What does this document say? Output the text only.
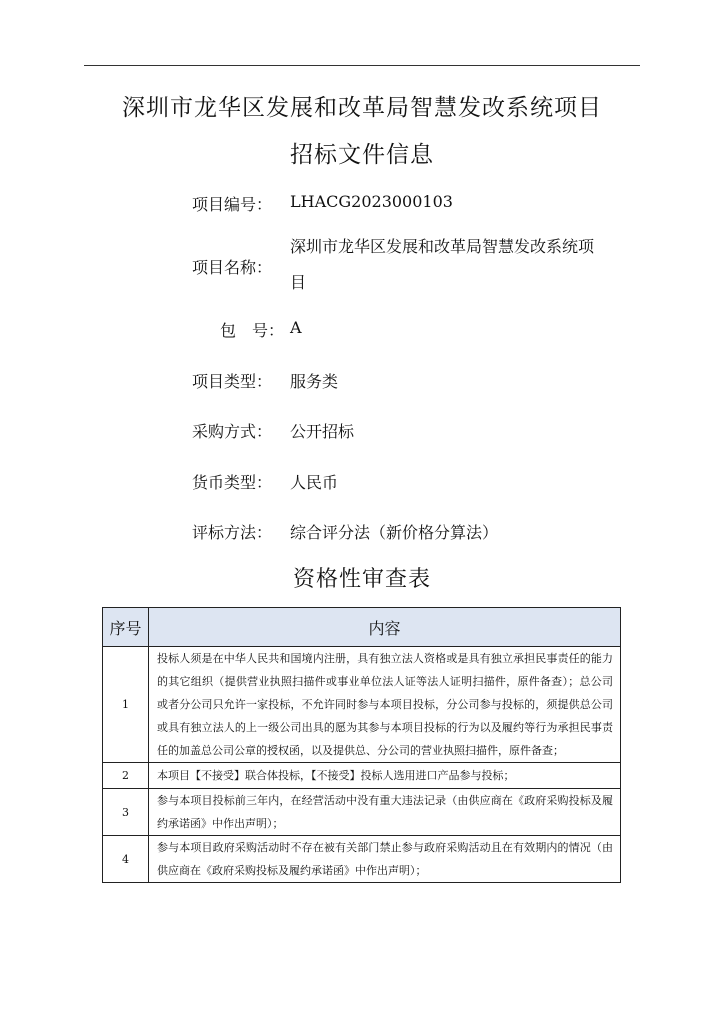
深圳市龙华区发展和改革局智慧发改系统项目
招标文件信息
项目编号：	LHACG2023000103
项目名称：
深圳市龙华区发展和改革局智慧发改系统项目
包　号： A
项目类型：	服务类
采购方式：	公开招标
货币类型：	人民币
评标方法：	综合评分法（新价格分算法）
资格性审查表
序号	内容
1	投标人须是在中华人民共和国境内注册，具有独立法人资格或是具有独立承担民事责任的能力的其它组织（提供营业执照扫描件或事业单位法人证等法人证明扫描件，原件备查）；总公司或者分公司只允许一家投标，不允许同时参与本项目投标，分公司参与投标的，须提供总公司或具有独立法人的上一级公司出具的愿为其参与本项目投标的行为以及履约等行为承担民事责任的加盖总公司公章的授权函，以及提供总、分公司的营业执照扫描件，原件备查；
2	本项目【不接受】联合体投标，【不接受】投标人选用进口产品参与投标；
3	参与本项目投标前三年内，在经营活动中没有重大违法记录（由供应商在《政府采购投标及履约承诺函》中作出声明）；
4	参与本项目政府采购活动时不存在被有关部门禁止参与政府采购活动且在有效期内的情况（由供应商在《政府采购投标及履约承诺函》中作出声明）；
